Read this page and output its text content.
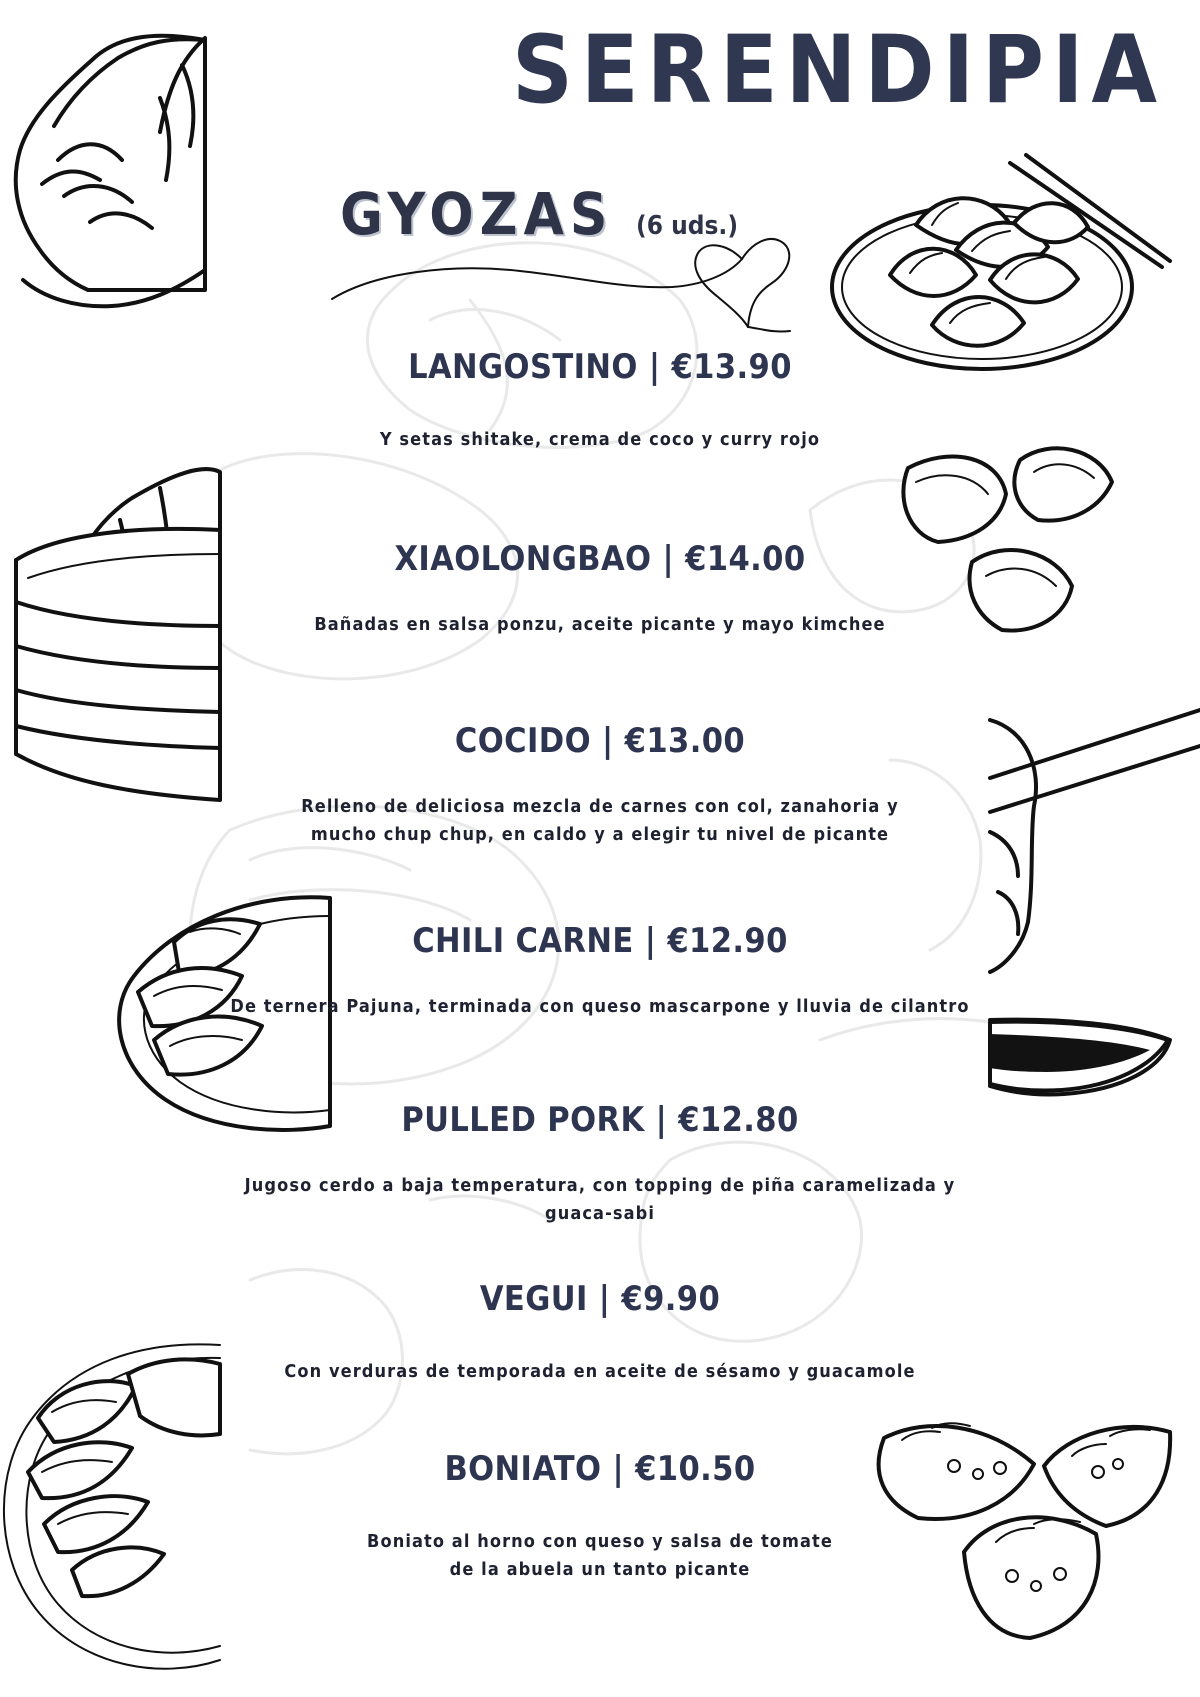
SERENDIPIA
GYOZAS (6 uds.)
LANGOSTINO | €13.90
Y setas shitake, crema de coco y curry rojo
XIAOLONGBAO | €14.00
Bañadas en salsa ponzu, aceite picante y mayo kimchee
COCIDO | €13.00
Relleno de deliciosa mezcla de carnes con col, zanahoria y
mucho chup chup, en caldo y a elegir tu nivel de picante
CHILI CARNE | €12.90
De ternera Pajuna, terminada con queso mascarpone y lluvia de cilantro
PULLED PORK | €12.80
Jugoso cerdo a baja temperatura, con topping de piña caramelizada y
guaca-sabi
VEGUI | €9.90
Con verduras de temporada en aceite de sésamo y guacamole
BONIATO | €10.50
Boniato al horno con queso y salsa de tomate
de la abuela un tanto picante
